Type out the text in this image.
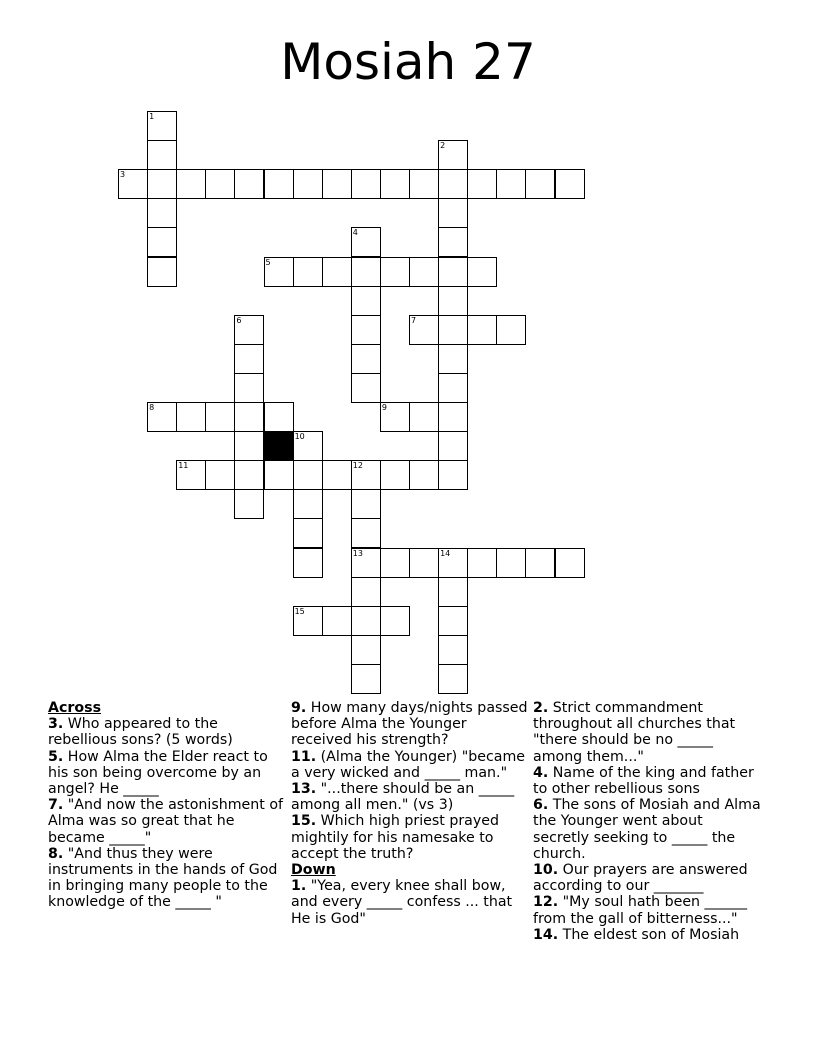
Mosiah 27
1
2
3
4
5
6	7
8	9
10
11	12
13	14
15
Across

3. Who appeared to the rebellious sons? (5 words)

5. How Alma the Elder react to his son being overcome by an angel? He _____

7. "And now the astonishment of Alma was so great that he became _____"

8. "And thus they were instruments in the hands of God in bringing many people to the knowledge of the _____ "

9. How many days/nights passed before Alma the Younger received his strength?

11. (Alma the Younger) "became a very wicked and _____ man."

13. "...there should be an _____ among all men." (vs 3)

15. Which high priest prayed mightily for his namesake to accept the truth?

Down

1. "Yea, every knee shall bow, and every _____ confess ... that He is God"

2. Strict commandment throughout all churches that "there should be no _____ among them..."

4. Name of the king and father to other rebellious sons

6. The sons of Mosiah and Alma the Younger went about secretly seeking to _____ the church.

10. Our prayers are answered according to our _______

12. "My soul hath been ______ from the gall of bitterness..."

14. The eldest son of Mosiah
